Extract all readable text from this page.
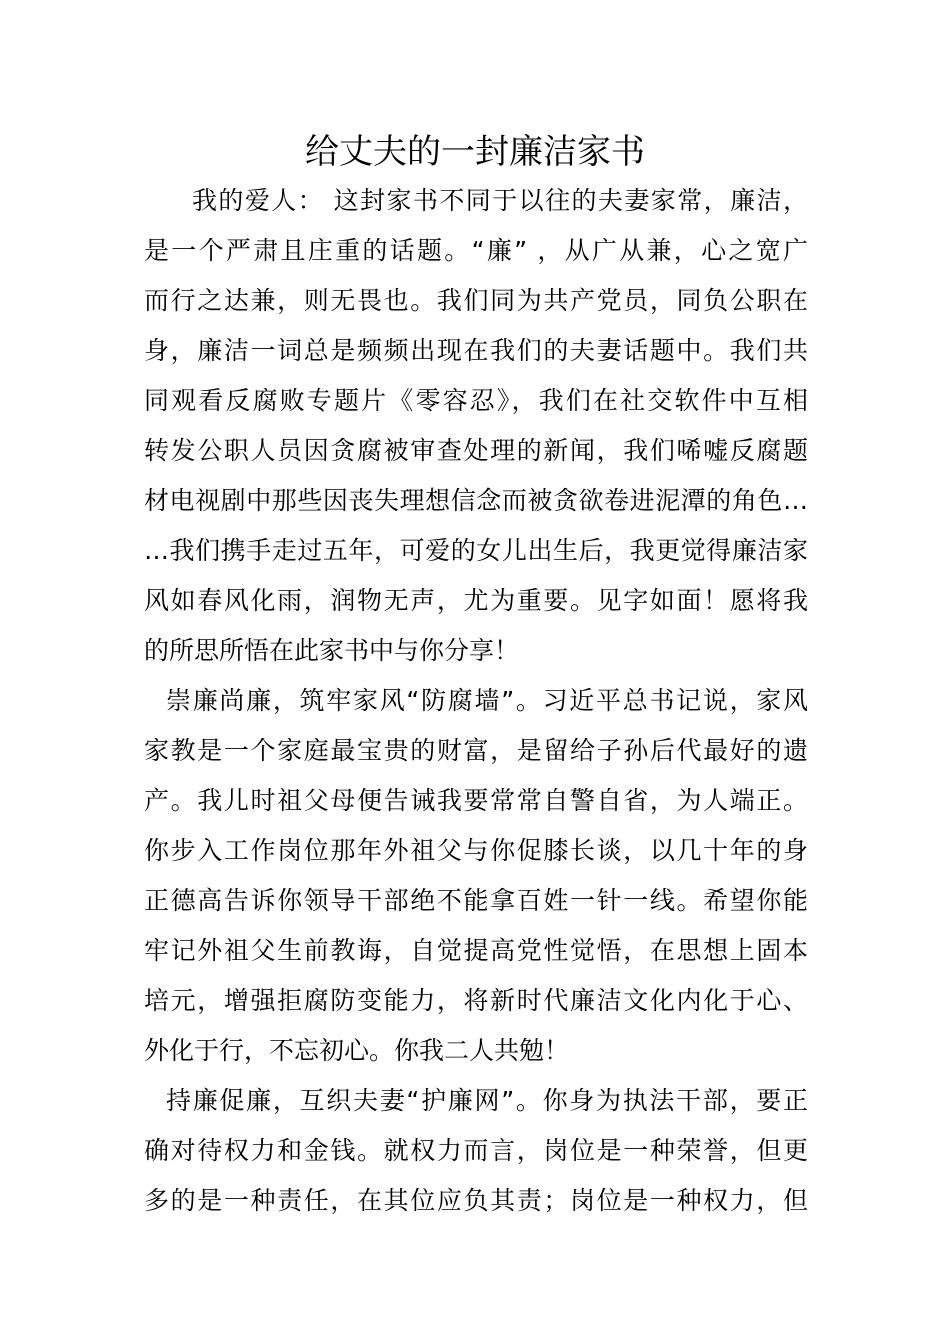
给丈夫的一封廉洁家书
我的爱人： 这封家书不同于以往的夫妻家常，廉洁，
是一个严肃且庄重的话题。“廉” ，从广从兼，心之宽广
而行之达兼，则无畏也。我们同为共产党员，同负公职在
身，廉洁一词总是频频出现在我们的夫妻话题中。我们共
同观看反腐败专题片《零容忍》，我们在社交软件中互相
转发公职人员因贪腐被审查处理的新闻，我们唏嘘反腐题
材电视剧中那些因丧失理想信念而被贪欲卷进泥潭的角色…
…我们携手走过五年，可爱的女儿出生后，我更觉得廉洁家
风如春风化雨，润物无声，尤为重要。见字如面！愿将我
的所思所悟在此家书中与你分享！
崇廉尚廉，筑牢家风“防腐墙”。习近平总书记说，家风
家教是一个家庭最宝贵的财富，是留给子孙后代最好的遗
产。我儿时祖父母便告诫我要常常自警自省，为人端正。
你步入工作岗位那年外祖父与你促膝长谈，以几十年的身
正德高告诉你领导干部绝不能拿百姓一针一线。希望你能
牢记外祖父生前教诲，自觉提高党性觉悟，在思想上固本
培元，增强拒腐防变能力，将新时代廉洁文化内化于心、
外化于行，不忘初心。你我二人共勉！
持廉促廉，互织夫妻“护廉网”。你身为执法干部，要正
确对待权力和金钱。就权力而言，岗位是一种荣誉，但更
多的是一种责任，在其位应负其责；岗位是一种权力，但
